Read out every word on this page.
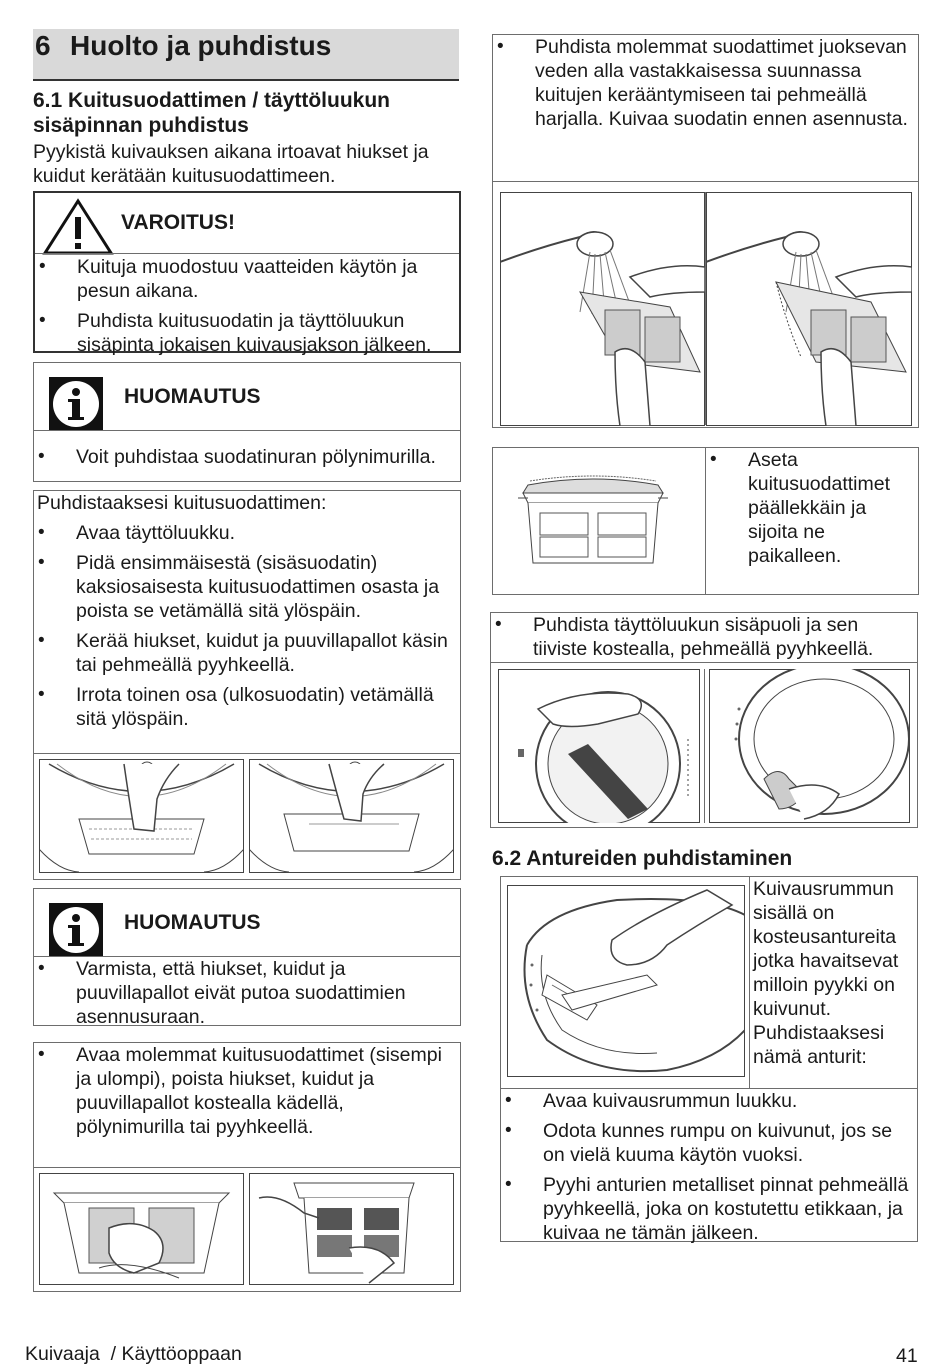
6 Huolto ja puhdistus
6.1 Kuitusuodattimen / täyttöluukun
sisäpinnan puhdistus
Pyykistä kuivauksen aikana irtoavat hiukset ja kuidut kerätään kuitusuodattimeen.
VAROITUS!
• Kuituja muodostuu vaatteiden käytön ja pesun aikana.
• Puhdista kuitusuodatin ja täyttöluukun sisäpinta jokaisen kuivausjakson jälkeen.
HUOMAUTUS
• Voit puhdistaa suodatinuran pölynimurilla.
Puhdistaaksesi kuitusuodattimen:
• Avaa täyttöluukku.
• Pidä ensimmäisestä (sisäsuodatin) kaksiosaisesta kuitusuodattimen osasta ja poista se vetämällä sitä ylöspäin.
• Kerää hiukset, kuidut ja puuvillapallot käsin tai pehmeällä pyyhkeellä.
• Irrota toinen osa (ulkosuodatin) vetämällä sitä ylöspäin.
HUOMAUTUS
• Varmista, että hiukset, kuidut ja puuvillapallot eivät putoa suodattimien asennusuraan.
• Avaa molemmat kuitusuodattimet (sisempi ja ulompi), poista hiukset, kuidut ja puuvillapallot kostealla kädellä, pölynimurilla tai pyyhkeellä.
• Puhdista molemmat suodattimet juoksevan veden alla vastakkaisessa suunnassa kuitujen kerääntymiseen tai pehmeällä harjalla. Kuivaa suodatin ennen asennusta.
• Aseta kuitusuodattimet päällekkäin ja sijoita ne paikalleen.
• Puhdista täyttöluukun sisäpuoli ja sen tiiviste kostealla, pehmeällä pyyhkeellä.
6.2 Antureiden puhdistaminen
Kuivausrummun sisällä on kosteusantureita jotka havaitsevat milloin pyykki on kuivunut. Puhdistaaksesi nämä anturit:
• Avaa kuivausrummun luukku.
• Odota kunnes rumpu on kuivunut, jos se on vielä kuuma käytön vuoksi.
• Pyyhi anturien metalliset pinnat pehmeällä pyyhkeellä, joka on kostutettu etikkaan, ja kuivaa ne tämän jälkeen.
Kuivaaja  / Käyttöoppaan	41
